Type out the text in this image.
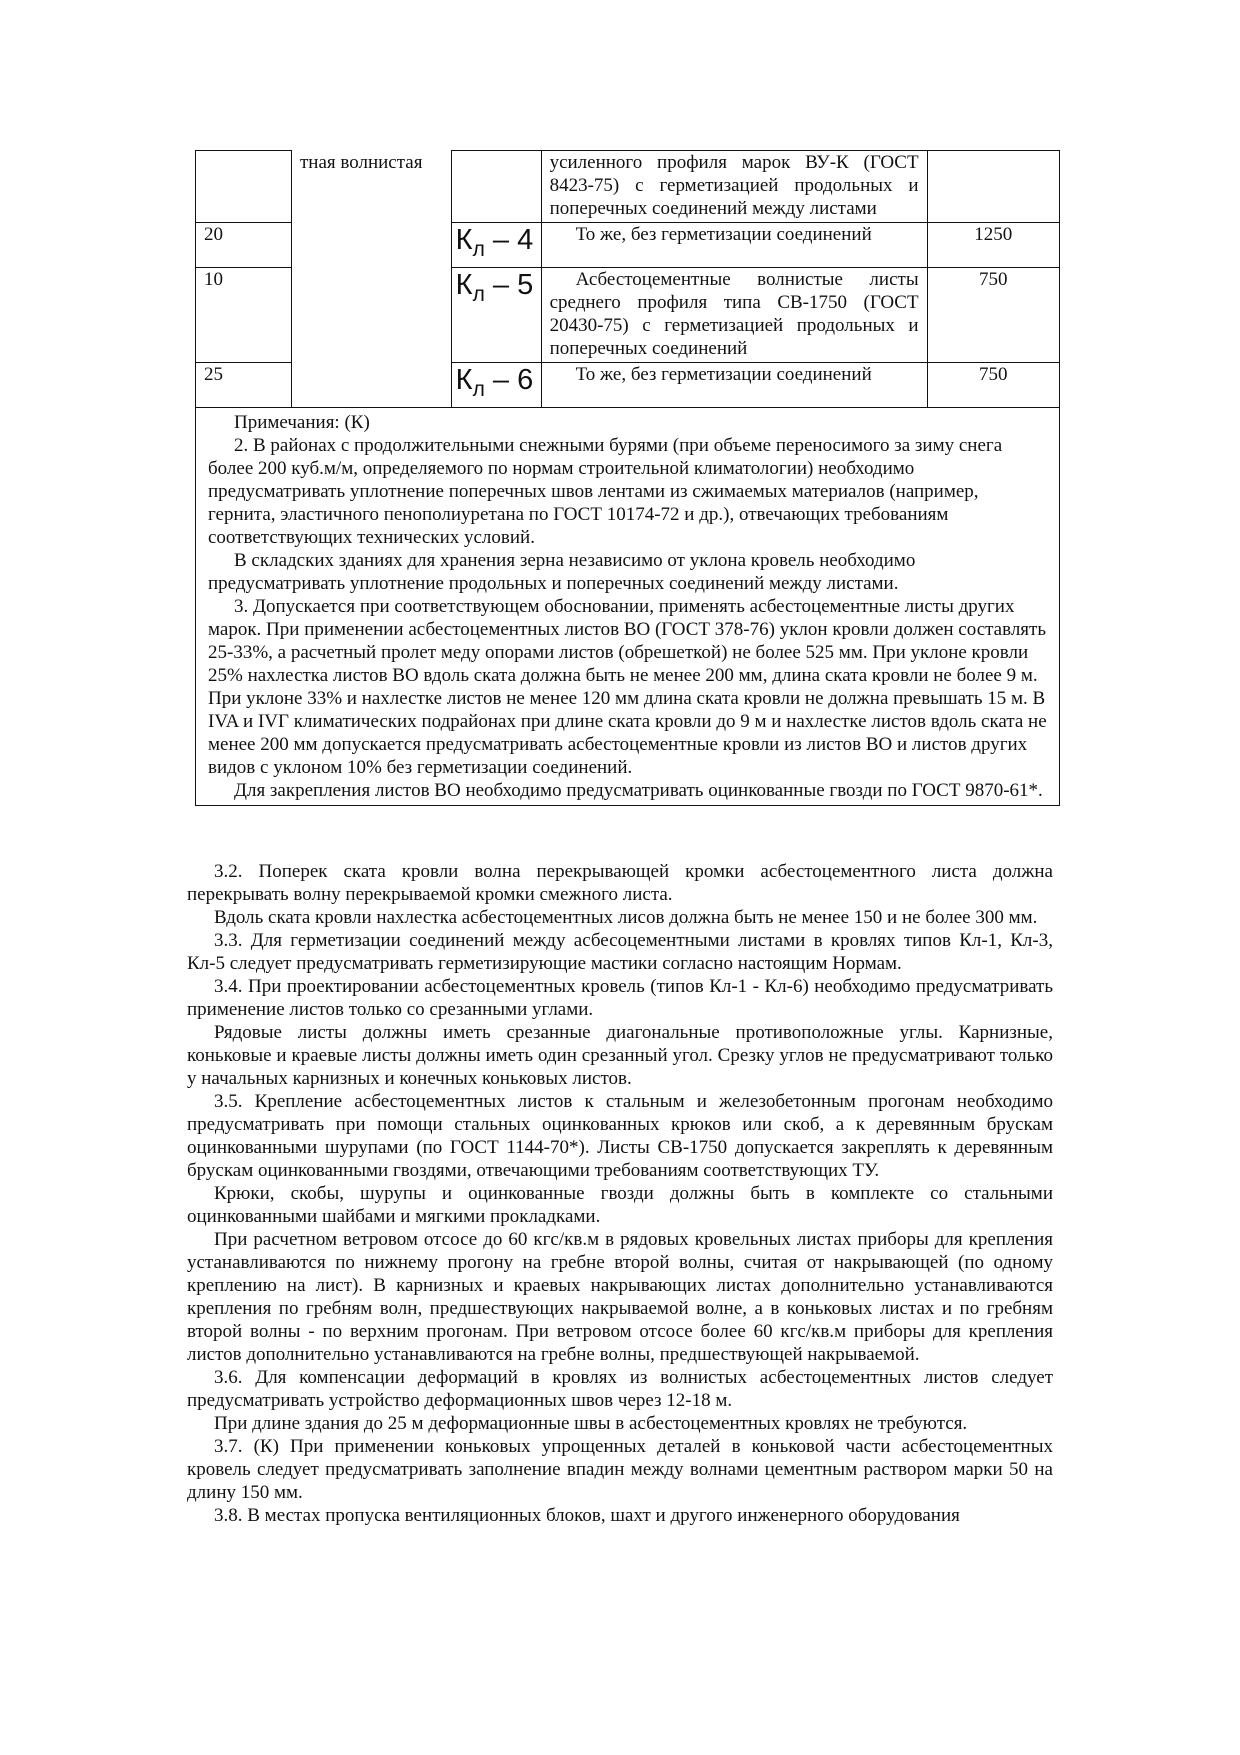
	тная волнистая		усиленного профиля марок ВУ-К (ГОСТ 8423-75) с герметизацией продольных и поперечных соединений между листами	
20		$К_л - 4$	То же, без герметизации соединений	1250
10		$К_л - 5$	Асбестоцементные волнистые листы среднего профиля типа СВ-1750 (ГОСТ 20430-75) с герметизацией продольных и поперечных соединений	750
25		$К_л - 6$	То же, без герметизации соединений	750

Примечания: (К)

2. В районах с продолжительными снежными бурями (при объеме переносимого за зиму снега более 200 куб.м/м, определяемого по нормам строительной климатологии) необходимо предусматривать уплотнение поперечных швов лентами из сжимаемых материалов (например, гернита, эластичного пенополиуретана по ГОСТ 10174-72 и др.), отвечающих требованиям соответствующих технических условий.

В складских зданиях для хранения зерна независимо от уклона кровель необходимо предусматривать уплотнение продольных и поперечных соединений между листами.

3. Допускается при соответствующем обосновании, применять асбестоцементные листы других марок. При применении асбестоцементных листов ВО (ГОСТ 378-76) уклон кровли должен составлять 25-33%, а расчетный пролет меду опорами листов (обрешеткой) не более 525 мм. При уклоне кровли 25% нахлестка листов ВО вдоль ската должна быть не менее 200 мм, длина ската кровли не более 9 м. При уклоне 33% и нахлестке листов не менее 120 мм длина ската кровли не должна превышать 15 м. В IVA и IVГ климатических подрайонах при длине ската кровли до 9 м и нахлестке листов вдоль ската не менее 200 мм допускается предусматривать асбестоцементные кровли из листов ВО и листов других видов с уклоном 10% без герметизации соединений.

Для закрепления листов ВО необходимо предусматривать оцинкованные гвозди по ГОСТ 9870-61*.				

3.2. Поперек ската кровли волна перекрывающей кромки асбестоцементного листа должна перекрывать волну перекрываемой кромки смежного листа.

Вдоль ската кровли нахлестка асбестоцементных лисов должна быть не менее 150 и не более 300 мм.

3.3. Для герметизации соединений между асбесоцементными листами в кровлях типов Кл-1, Кл-3, Кл-5 следует предусматривать герметизирующие мастики согласно настоящим Нормам.

3.4. При проектировании асбестоцементных кровель (типов Кл-1 - Кл-6) необходимо предусматривать применение листов только со срезанными углами.

Рядовые листы должны иметь срезанные диагональные противоположные углы. Карнизные, коньковые и краевые листы должны иметь один срезанный угол. Срезку углов не предусматривают только у начальных карнизных и конечных коньковых листов.

3.5. Крепление асбестоцементных листов к стальным и железобетонным прогонам необходимо предусматривать при помощи стальных оцинкованных крюков или скоб, а к деревянным брускам оцинкованными шурупами (по ГОСТ 1144-70*). Листы СВ-1750 допускается закреплять к деревянным брускам оцинкованными гвоздями, отвечающими требованиям соответствующих ТУ.

Крюки, скобы, шурупы и оцинкованные гвозди должны быть в комплекте со стальными оцинкованными шайбами и мягкими прокладками.

При расчетном ветровом отсосе до 60 кгс/кв.м в рядовых кровельных листах приборы для крепления устанавливаются по нижнему прогону на гребне второй волны, считая от накрывающей (по одному креплению на лист). В карнизных и краевых накрывающих листах дополнительно устанавливаются крепления по гребням волн, предшествующих накрываемой волне, а в коньковых листах и по гребням второй волны - по верхним прогонам. При ветровом отсосе более 60 кгс/кв.м приборы для крепления листов дополнительно устанавливаются на гребне волны, предшествующей накрываемой.

3.6. Для компенсации деформаций в кровлях из волнистых асбестоцементных листов следует предусматривать устройство деформационных швов через 12-18 м.

При длине здания до 25 м деформационные швы в асбестоцементных кровлях не требуются.

3.7. (К) При применении коньковых упрощенных деталей в коньковой части асбестоцементных кровель следует предусматривать заполнение впадин между волнами цементным раствором марки 50 на длину 150 мм.

3.8. В местах пропуска вентиляционных блоков, шахт и другого инженерного оборудования
